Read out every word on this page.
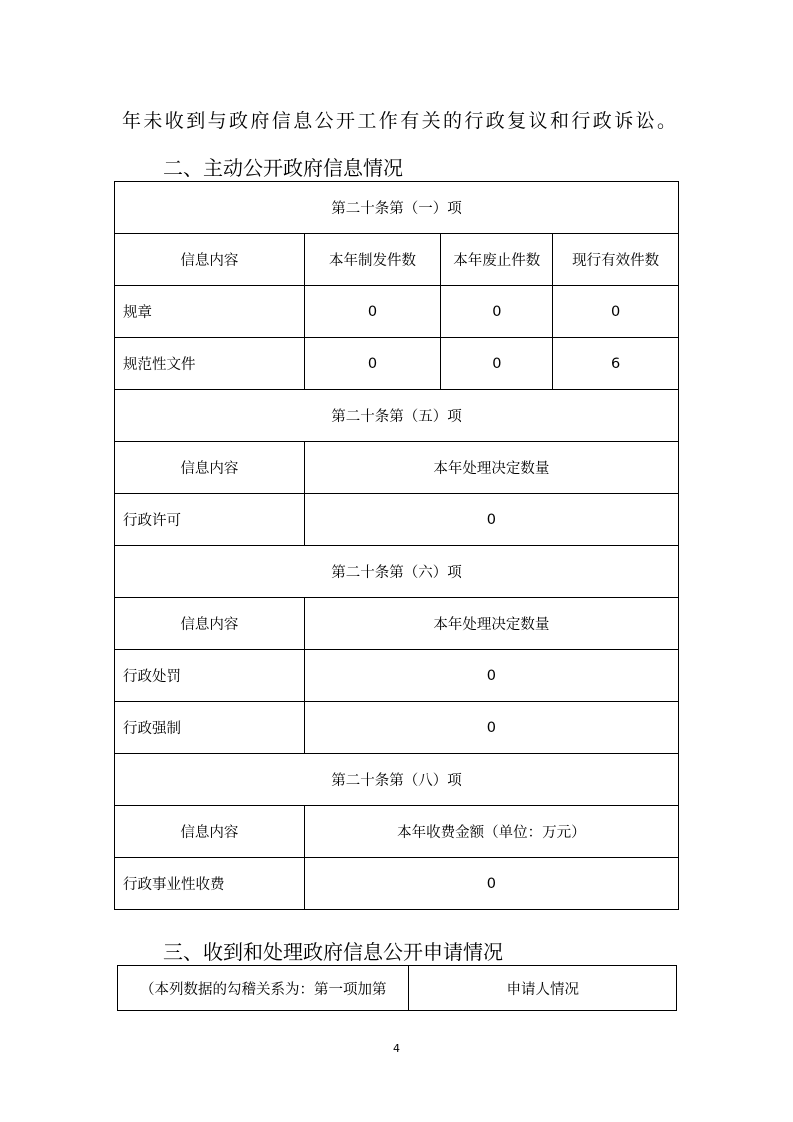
年未收到与政府信息公开工作有关的行政复议和行政诉讼。
二、主动公开政府信息情况
第二十条第（一）项			
信息内容	本年制发件数	本年废止件数	现行有效件数
规章	0	0	0
规范性文件	0	0	6
第二十条第（五）项			
信息内容	本年处理决定数量		
行政许可	0		
第二十条第（六）项			
信息内容	本年处理决定数量		
行政处罚	0		
行政强制	0		
第二十条第（八）项			
信息内容	本年收费金额（单位：万元）		
行政事业性收费	0		
三、收到和处理政府信息公开申请情况
（本列数据的勾稽关系为：第一项加第	申请人情况
4
